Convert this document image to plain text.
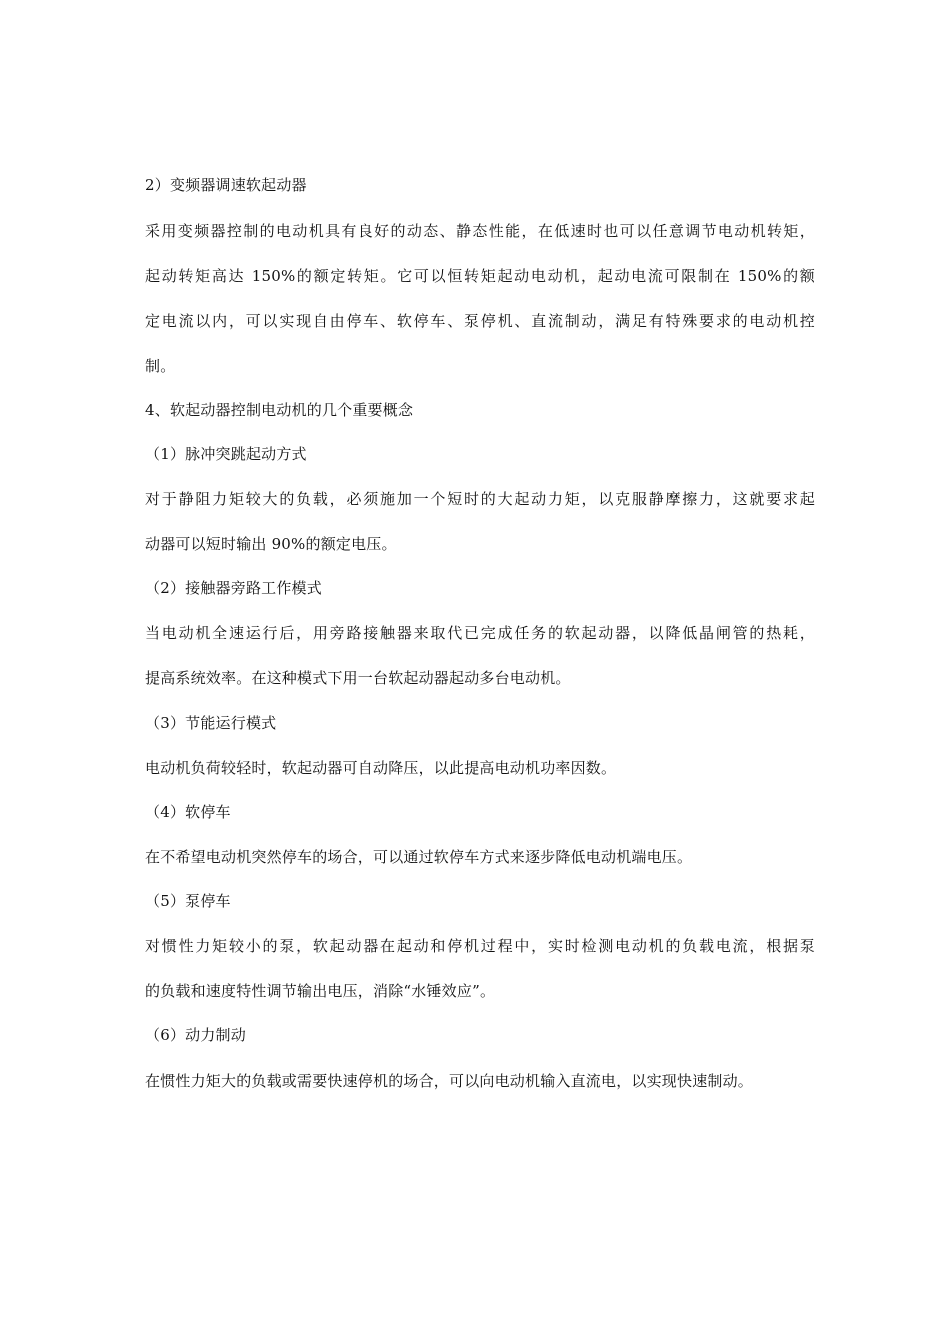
2）变频器调速软起动器
采用变频器控制的电动机具有良好的动态、静态性能，在低速时也可以任意调节电动机转矩，
起动转矩高达 150%的额定转矩。它可以恒转矩起动电动机，起动电流可限制在 150%的额
定电流以内，可以实现自由停车、软停车、泵停机、直流制动，满足有特殊要求的电动机控
制。
4、软起动器控制电动机的几个重要概念
（1）脉冲突跳起动方式
对于静阻力矩较大的负载，必须施加一个短时的大起动力矩，以克服静摩擦力，这就要求起
动器可以短时输出 90%的额定电压。
（2）接触器旁路工作模式
当电动机全速运行后，用旁路接触器来取代已完成任务的软起动器，以降低晶闸管的热耗，
提高系统效率。在这种模式下用一台软起动器起动多台电动机。
（3）节能运行模式
电动机负荷较轻时，软起动器可自动降压，以此提高电动机功率因数。
（4）软停车
在不希望电动机突然停车的场合，可以通过软停车方式来逐步降低电动机端电压。
（5）泵停车
对惯性力矩较小的泵，软起动器在起动和停机过程中，实时检测电动机的负载电流，根据泵
的负载和速度特性调节输出电压，消除“水锤效应”。
（6）动力制动
在惯性力矩大的负载或需要快速停机的场合，可以向电动机输入直流电，以实现快速制动。
